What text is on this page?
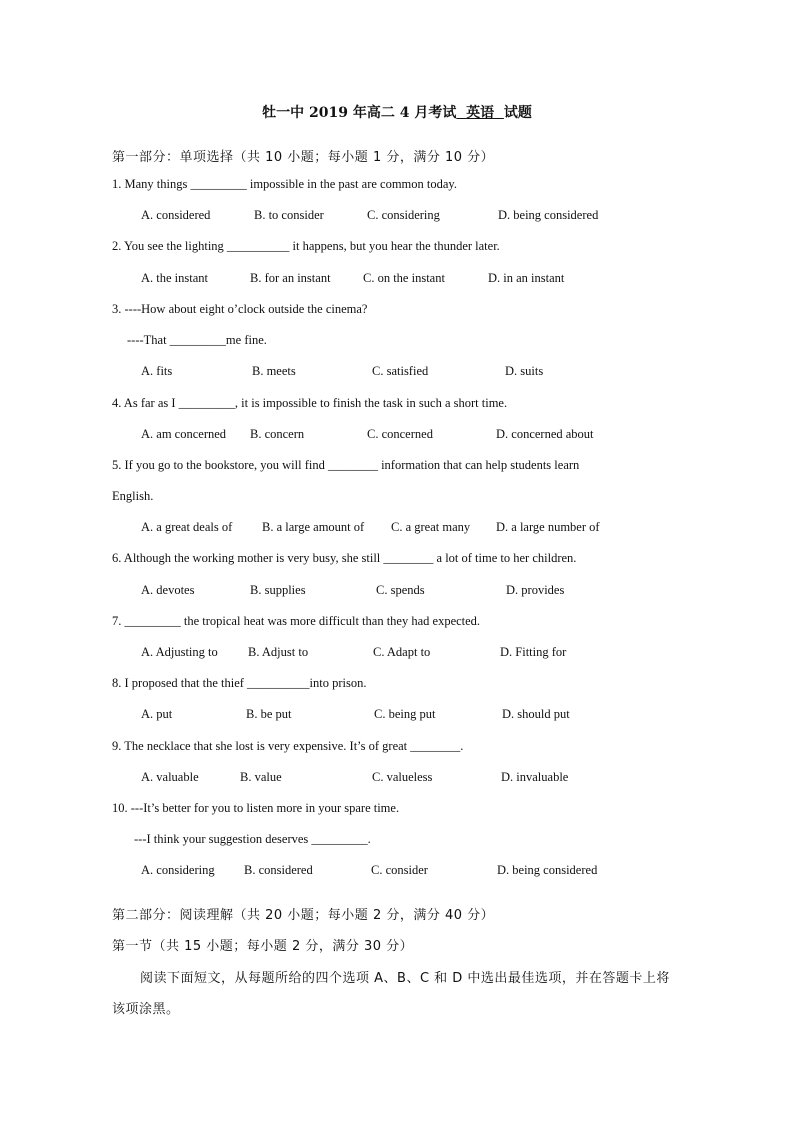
牡一中 2019 年高二 4 月考试 英语 试题
第一部分：单项选择（共 10 小题；每小题 1 分，满分 10 分）
1. Many things _________ impossible in the past are common today.
A. considered	B. to consider	C. considering	D. being considered
2. You see the lighting __________ it happens, but you hear the thunder later.
A. the instant	B. for an instant	C. on the instant	D. in an instant
3. ----How about eight o’clock outside the cinema?
----That _________me fine.
A. fits	B. meets	C. satisfied	D. suits
4. As far as I _________, it is impossible to finish the task in such a short time.
A. am concerned B. concern	C. concerned	D. concerned about
5. If you go to the bookstore, you will find ________ information that can help students learn
English.
A. a great deals of B. a large amount of C. a great many D. a large number of
6. Although the working mother is very busy, she still ________ a lot of time to her children.
A. devotes	B. supplies	C. spends	D. provides
7. _________ the tropical heat was more difficult than they had expected.
A. Adjusting to B. Adjust to	C. Adapt to	D. Fitting for
8. I proposed that the thief __________into prison.
A. put	B. be put	C. being put	D. should put
9. The necklace that she lost is very expensive. It’s of great ________.
A. valuable	B. value	C. valueless	D. invaluable
10. ---It’s better for you to listen more in your spare time.
---I think your suggestion deserves _________.
A. considering B. considered	C. consider	D. being considered
第二部分：阅读理解（共 20 小题；每小题 2 分，满分 40 分）
第一节（共 15 小题；每小题 2 分，满分 30 分）
阅读下面短文，从每题所给的四个选项 A、B、C 和 D 中选出最佳选项，并在答题卡上将
该项涂黑。
